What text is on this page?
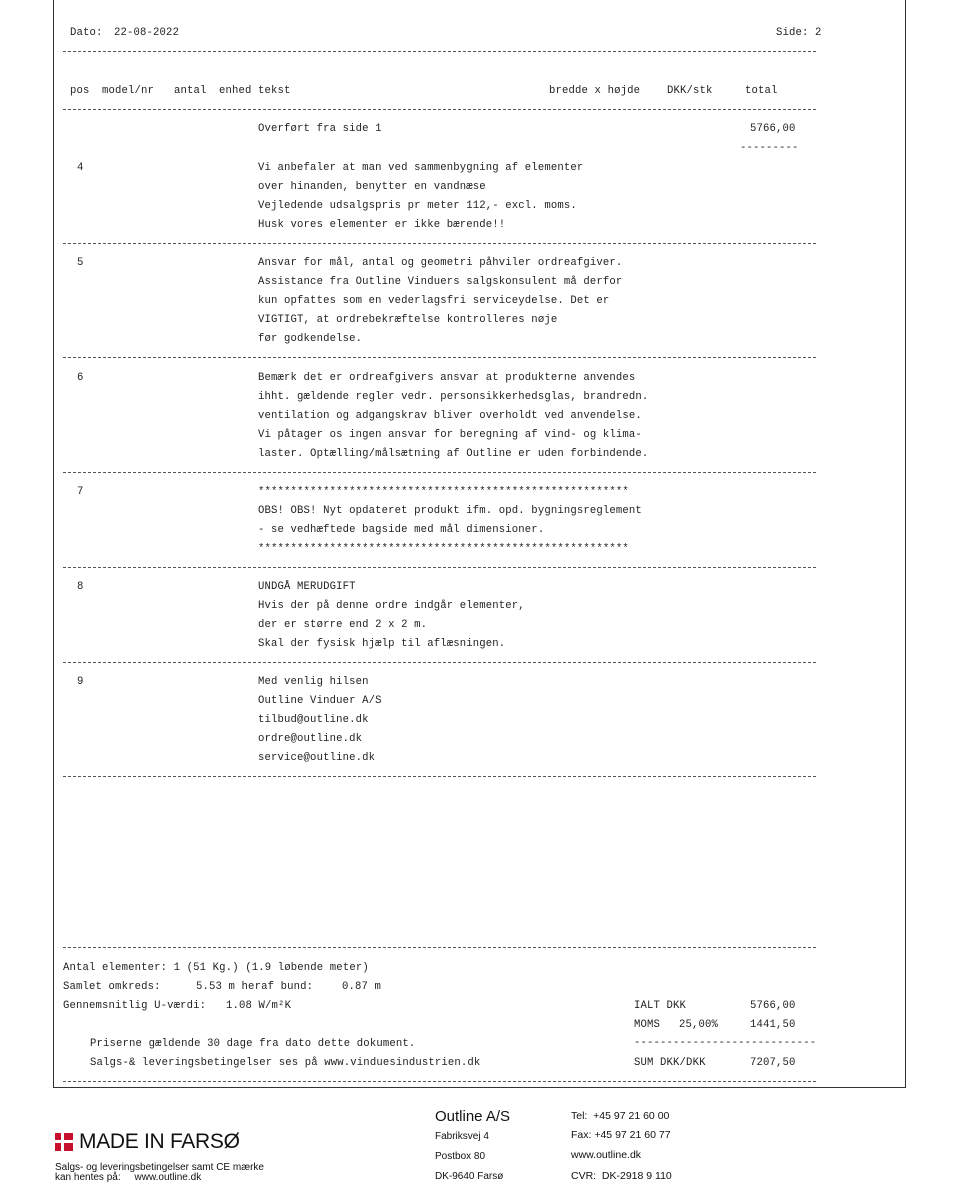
Dato: 22-08-2022	Side: 2
pos model/nr antal enhed tekst	bredde x højde	DKK/stk	total
Overført fra side 1	5766,00
---------
4	Vi anbefaler at man ved sammenbygning af elementer
over hinanden, benytter en vandnæse
Vejledende udsalgspris pr meter 112,- excl. moms.
Husk vores elementer er ikke bærende!!
5	Ansvar for mål, antal og geometri påhviler ordreafgiver.
Assistance fra Outline Vinduers salgskonsulent må derfor
kun opfattes som en vederlagsfri serviceydelse. Det er
VIGTIGT, at ordrebekræftelse kontrolleres nøje
før godkendelse.
6	Bemærk det er ordreafgivers ansvar at produkterne anvendes
ihht. gældende regler vedr. personsikkerhedsglas, brandredn.
ventilation og adgangskrav bliver overholdt ved anvendelse.
Vi påtager os ingen ansvar for beregning af vind- og klima-
laster. Optælling/målsætning af Outline er uden forbindende.
7	*********************************************************
OBS! OBS! Nyt opdateret produkt ifm. opd. bygningsreglement
- se vedhæftede bagside med mål dimensioner.
*********************************************************
8	UNDGÅ MERUDGIFT
Hvis der på denne ordre indgår elementer,
der er større end 2 x 2 m.
Skal der fysisk hjælp til aflæsningen.
9	Med venlig hilsen
Outline Vinduer A/S
tilbud@outline.dk
ordre@outline.dk
service@outline.dk
Antal elementer: 1 (51 Kg.) (1.9 løbende meter)
Samlet omkreds:	5.53 m heraf bund:	0.87 m
Gennemsnitlig U-værdi: 1.08 W/m²K	IALT DKK	5766,00
MOMS 25,00%	1441,50
----------------------------
Priserne gældende 30 dage fra dato dette dokument.
Salgs-& leveringsbetingelser ses på www.vinduesindustrien.dk	SUM DKK/DKK	7207,50
MADE IN FARSØ
Salgs- og leveringsbetingelser samt CE mærke
kan hentes på:     www.outline.dk
Outline A/S
Fabriksvej 4
Postbox 80
DK-9640 Farsø
Tel:  +45 97 21 60 00
Fax: +45 97 21 60 77
www.outline.dk
CVR:  DK-2918 9 110
